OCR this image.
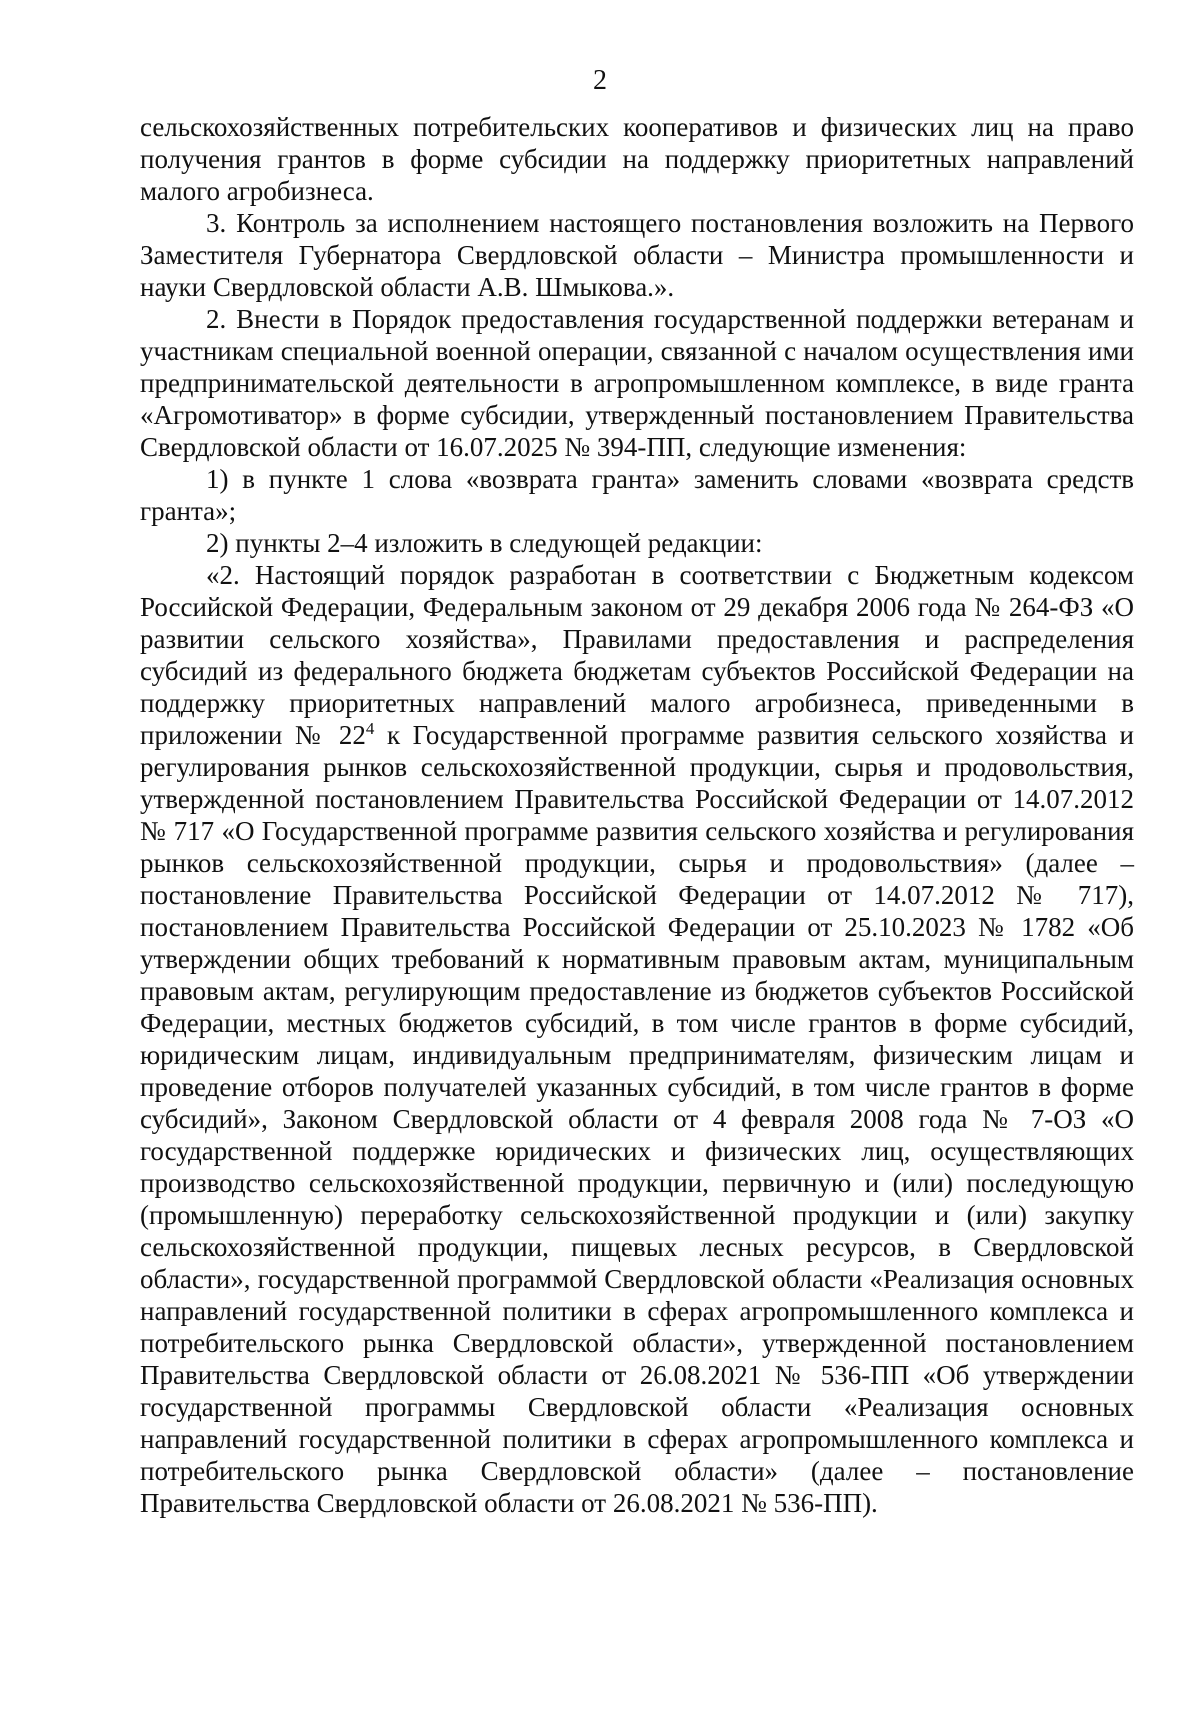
2

сельскохозяйственных потребительских кооперативов и физических лиц на право получения грантов в форме субсидии на поддержку приоритетных направлений малого агробизнеса.

3. Контроль за исполнением настоящего постановления возложить на Первого Заместителя Губернатора Свердловской области – Министра промышленности и науки Свердловской области А.В. Шмыкова.».

2. Внести в Порядок предоставления государственной поддержки ветеранам и участникам специальной военной операции, связанной с началом осуществления ими предпринимательской деятельности в агропромышленном комплексе, в виде гранта «Агромотиватор» в форме субсидии, утвержденный постановлением Правительства Свердловской области от 16.07.2025 № 394-ПП, следующие изменения:

1) в пункте 1 слова «возврата гранта» заменить словами «возврата средств гранта»;

2) пункты 2–4 изложить в следующей редакции:

«2. Настоящий порядок разработан в соответствии с Бюджетным кодексом Российской Федерации, Федеральным законом от 29 декабря 2006 года № 264-ФЗ «О развитии сельского хозяйства», Правилами предоставления и распределения субсидий из федерального бюджета бюджетам субъектов Российской Федерации на поддержку приоритетных направлений малого агробизнеса, приведенными в приложении № $22^4$ к Государственной программе развития сельского хозяйства и регулирования рынков сельскохозяйственной продукции, сырья и продовольствия, утвержденной постановлением Правительства Российской Федерации от 14.07.2012 № 717 «О Государственной программе развития сельского хозяйства и регулирования рынков сельскохозяйственной продукции, сырья и продовольствия» (далее – постановление Правительства Российской Федерации от 14.07.2012 № 717), постановлением Правительства Российской Федерации от 25.10.2023 № 1782 «Об утверждении общих требований к нормативным правовым актам, муниципальным правовым актам, регулирующим предоставление из бюджетов субъектов Российской Федерации, местных бюджетов субсидий, в том числе грантов в форме субсидий, юридическим лицам, индивидуальным предпринимателям, физическим лицам и проведение отборов получателей указанных субсидий, в том числе грантов в форме субсидий», Законом Свердловской области от 4 февраля 2008 года № 7-ОЗ «О государственной поддержке юридических и физических лиц, осуществляющих производство сельскохозяйственной продукции, первичную и (или) последующую (промышленную) переработку сельскохозяйственной продукции и (или) закупку сельскохозяйственной продукции, пищевых лесных ресурсов, в Свердловской области», государственной программой Свердловской области «Реализация основных направлений государственной политики в сферах агропромышленного комплекса и потребительского рынка Свердловской области», утвержденной постановлением Правительства Свердловской области от 26.08.2021 № 536-ПП «Об утверждении государственной программы Свердловской области «Реализация основных направлений государственной политики в сферах агропромышленного комплекса и потребительского рынка Свердловской области» (далее – постановление Правительства Свердловской области от 26.08.2021 № 536-ПП).
